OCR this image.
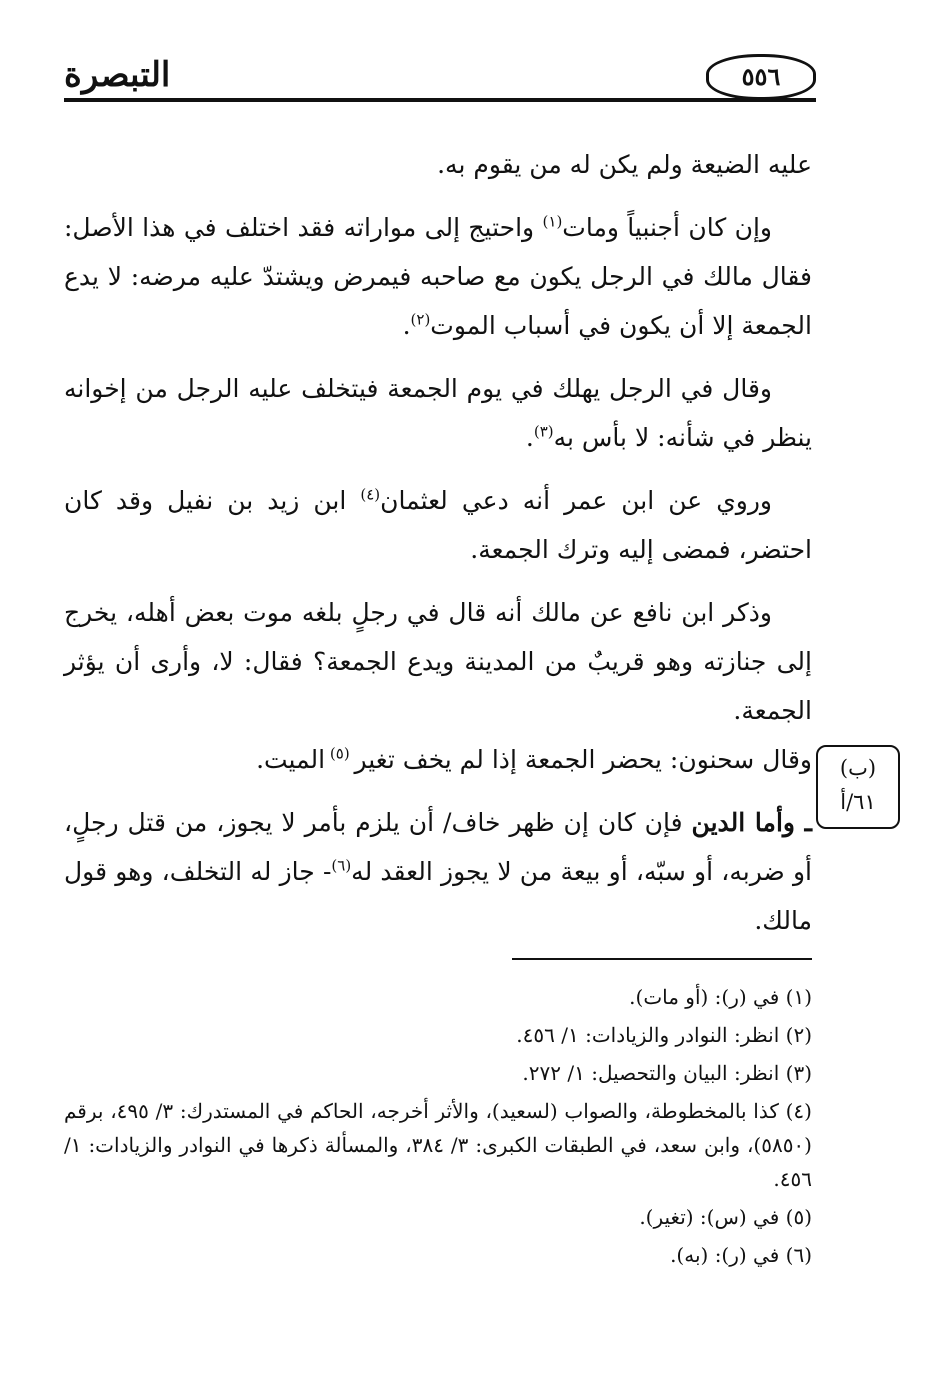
التبصرة	٥٥٦

عليه الضيعة ولم يكن له من يقوم به.

وإن كان أجنبياً ومات$^{(١)}$ واحتيج إلى مواراته فقد اختلف في هذا الأصل: فقال مالك في الرجل يكون مع صاحبه فيمرض ويشتدّ عليه مرضه: لا يدع الجمعة إلا أن يكون في أسباب الموت$^{(٢)}$.

وقال في الرجل يهلك في يوم الجمعة فيتخلف عليه الرجل من إخوانه ينظر في شأنه: لا بأس به$^{(٣)}$.

وروي عن ابن عمر أنه دعي لعثمان$^{(٤)}$ ابن زيد بن نفيل وقد كان احتضر، فمضى إليه وترك الجمعة.

وذكر ابن نافع عن مالك أنه قال في رجلٍ بلغه موت بعض أهله، يخرج إلى جنازته وهو قريبٌ من المدينة ويدع الجمعة؟ فقال: لا، وأرى أن يؤثر الجمعة.

وقال سحنون: يحضر الجمعة إذا لم يخف تغير $^{(٥)}$ الميت.

ـ وأما الدين فإن كان إن ظهر خاف/ أن يلزم بأمر لا يجوز، من قتل رجلٍ، أو ضربه، أو سبّه، أو بيعة من لا يجوز العقد له$^{(٦)}$- جاز له التخلف، وهو قول مالك.

(ب)
٦١/أ

(١) في (ر): (أو مات).

(٢) انظر: النوادر والزيادات: ١/ ٤٥٦.

(٣) انظر: البيان والتحصيل: ١/ ٢٧٢.

(٤) كذا بالمخطوطة، والصواب (لسعيد)، والأثر أخرجه، الحاكم في المستدرك: ٣/ ٤٩٥، برقم (٥٨٥٠)، وابن سعد، في الطبقات الكبرى: ٣/ ٣٨٤، والمسألة ذكرها في النوادر والزيادات: ١/ ٤٥٦.

(٥) في (س): (تغير).

(٦) في (ر): (به).
